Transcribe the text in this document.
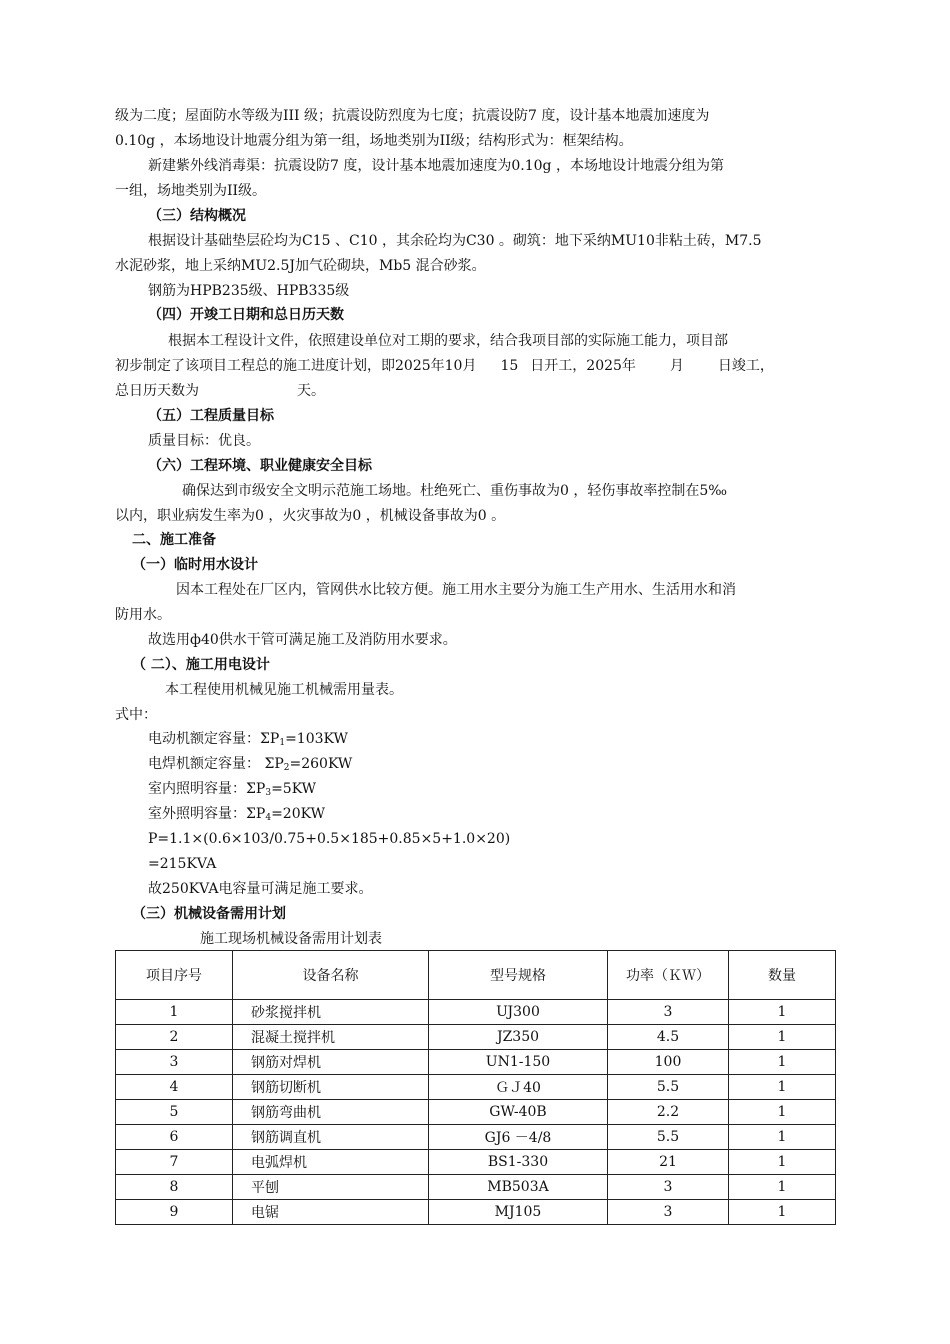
级为二度；屋面防水等级为III 级；抗震设防烈度为七度；抗震设防7 度，设计基本地震加速度为
0.10g ，本场地设计地震分组为第一组，场地类别为II级；结构形式为：框架结构。
新建紫外线消毒渠：抗震设防7 度，设计基本地震加速度为0.10g ，本场地设计地震分组为第
一组，场地类别为II级。
（三）结构概况
根据设计基础垫层砼均为C15 、C10 ，其余砼均为C30 。砌筑：地下采纳MU10非粘土砖，M7.5
水泥砂浆，地上采纳MU2.5J加气砼砌块，Mb5 混合砂浆。
钢筋为HPB235级、HPB335级
（四）开竣工日期和总日历天数
根据本工程设计文件，依照建设单位对工期的要求，结合我项目部的实际施工能力，项目部
初步制定了该项目工程总的施工进度计划，即2025年10月 15 日开工，2025年 月 日竣工，
总日历天数为	天。
（五）工程质量目标
质量目标：优良。
（六）工程环境、职业健康安全目标
确保达到市级安全文明示范施工场地。杜绝死亡、重伤事故为0 ，轻伤事故率控制在5‰
以内，职业病发生率为0 ，火灾事故为0 ，机械设备事故为0 。
二、施工准备
（一）临时用水设计
因本工程处在厂区内，管网供水比较方便。施工用水主要分为施工生产用水、生活用水和消
防用水。
故选用ф40供水干管可满足施工及消防用水要求。
（ 二）、施工用电设计
本工程使用机械见施工机械需用量表。
式中：
电动机额定容量：$\Sigma P_1=103KW$
电焊机额定容量： $\Sigma P_2=260KW$
室内照明容量：$\Sigma P_3=5KW$
室外照明容量：$\Sigma P_4=20KW$
P=1.1×(0.6×103/0.75+0.5×185+0.85×5+1.0×20)
=215KVA
故250KVA电容量可满足施工要求。
（三）机械设备需用计划
施工现场机械设备需用计划表
项目序号	设备名称	型号规格	功率（ＫＷ）	数量
1	砂浆搅拌机	UJ300	3	1
2	混凝土搅拌机	JZ350	4.5	1
3	钢筋对焊机	UN1-150	100	1
4	钢筋切断机	ＧＪ40	5.5	1
5	钢筋弯曲机	GW-40B	2.2	1
6	钢筋调直机	GJ6 －4/8	5.5	1
7	电弧焊机	BS1-330	21	1
8	平刨	MB503A	3	1
9	电锯	MJ105	3	1
